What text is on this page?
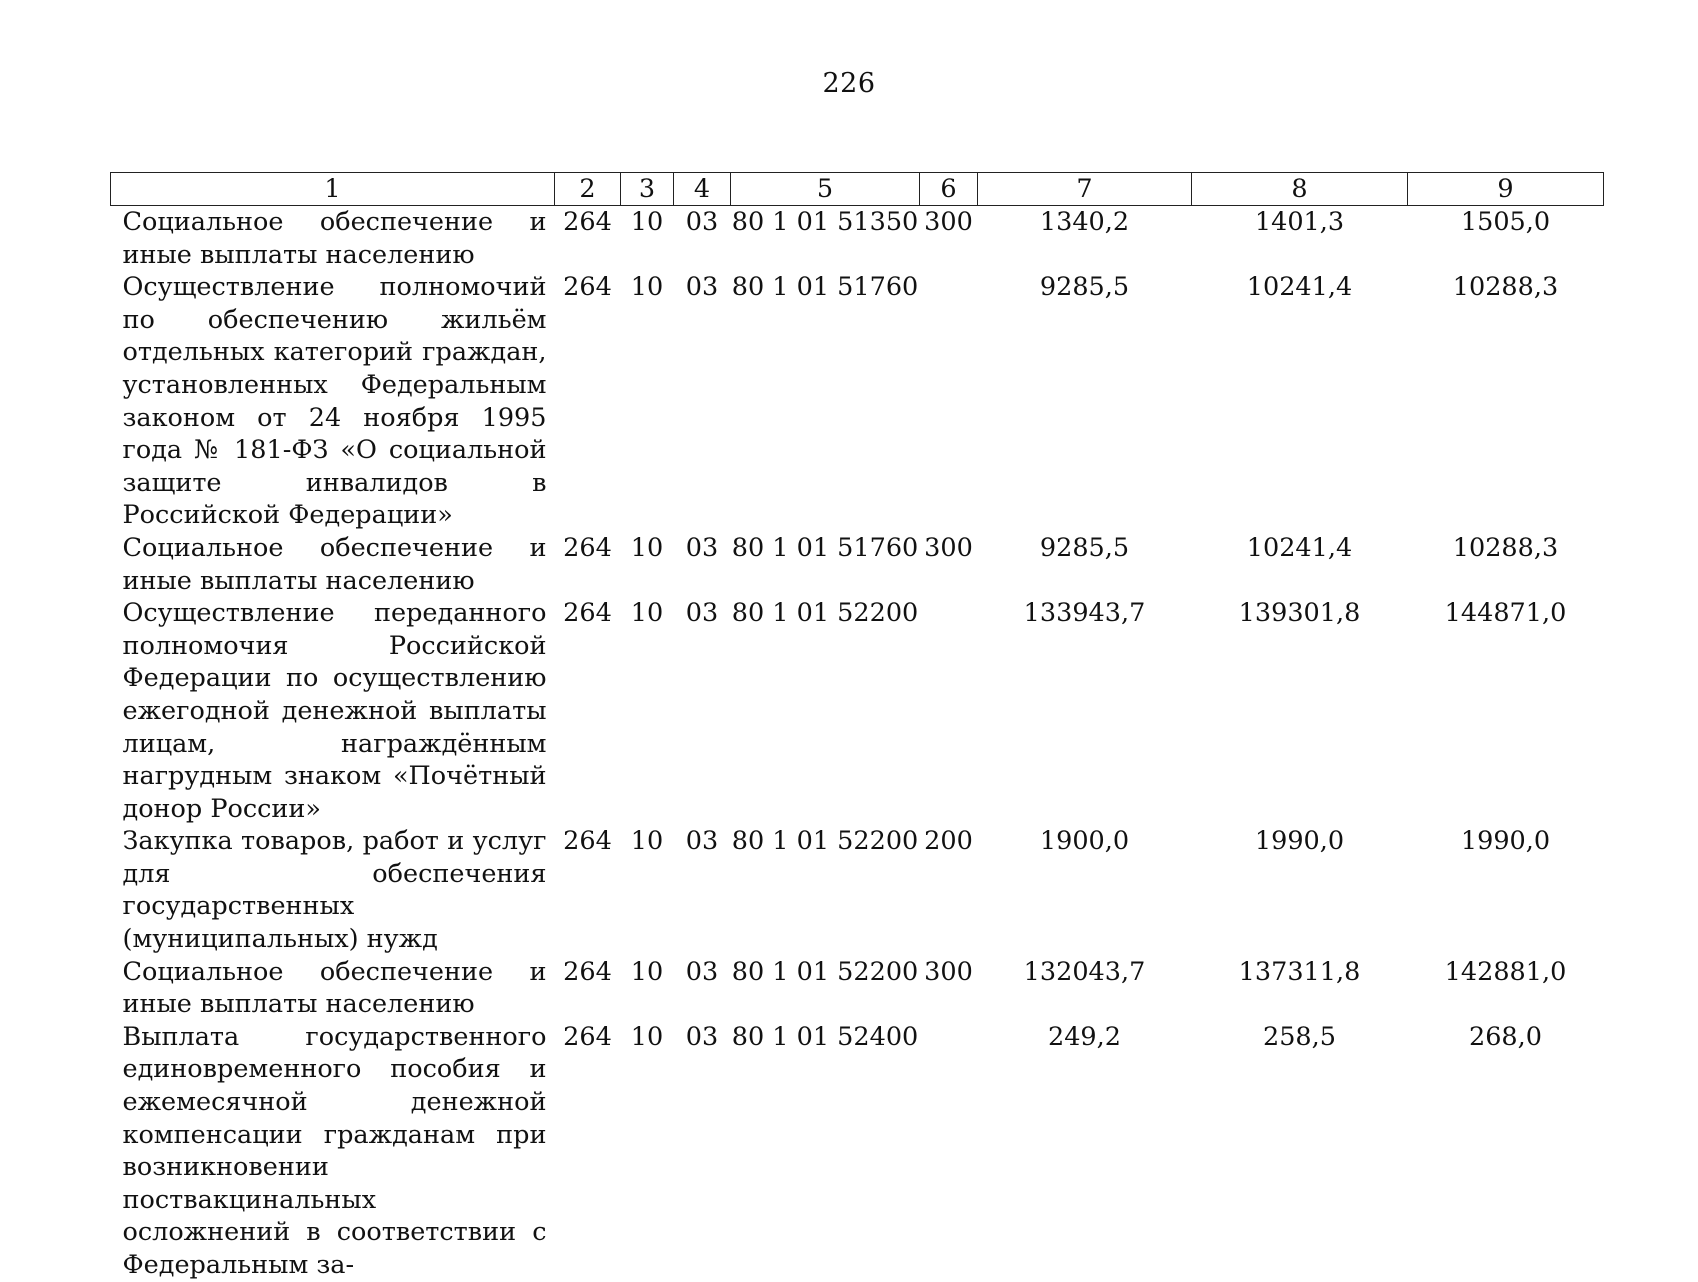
226
1	2	3	4	5	6	7	8	9
Социальное обеспечение и иные выплаты населению	264	10	03	80 1 01 51350	300	1340,2	1401,3	1505,0
Осуществление полномочий по обеспечению жильём отдельных категорий граждан, установленных Федеральным законом от 24 ноября 1995 года № 181-ФЗ «О социальной защите инвалидов в Российской Федерации»	264	10	03	80 1 01 51760		9285,5	10241,4	10288,3
Социальное обеспечение и иные выплаты населению	264	10	03	80 1 01 51760	300	9285,5	10241,4	10288,3
Осуществление переданного полномочия Российской Федерации по осуществлению ежегодной денежной выплаты лицам, награждённым нагрудным знаком «Почётный донор России»	264	10	03	80 1 01 52200		133943,7	139301,8	144871,0
Закупка товаров, работ и услуг для обеспечения государственных (муниципальных) нужд	264	10	03	80 1 01 52200	200	1900,0	1990,0	1990,0
Социальное обеспечение и иные выплаты населению	264	10	03	80 1 01 52200	300	132043,7	137311,8	142881,0
Выплата государственного единовременного пособия и ежемесячной денежной компенсации гражданам при возникновении поствакцинальных осложнений в соответствии с Федеральным за-	264	10	03	80 1 01 52400		249,2	258,5	268,0
